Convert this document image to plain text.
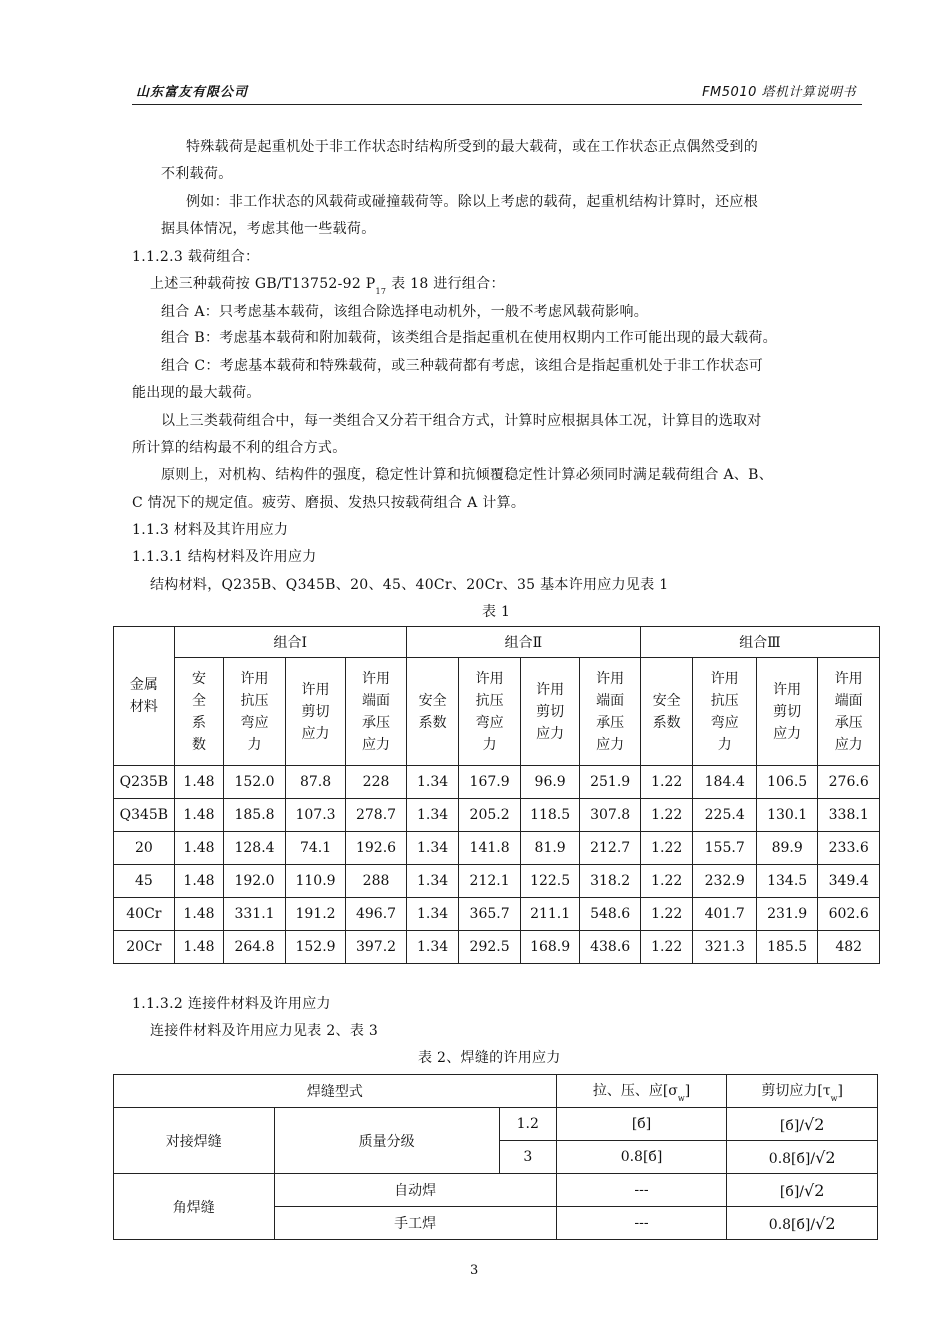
山东富友有限公司	FM5010 塔机计算说明书
特殊载荷是起重机处于非工作状态时结构所受到的最大载荷，或在工作状态正点偶然受到的
不利载荷。
例如：非工作状态的风载荷或碰撞载荷等。除以上考虑的载荷，起重机结构计算时，还应根
据具体情况，考虑其他一些载荷。
1.1.2.3 载荷组合：
上述三种载荷按 GB/T13752-92 $P_{17}$ 表 18 进行组合：
组合 A：只考虑基本载荷，该组合除选择电动机外，一般不考虑风载荷影响。
组合 B：考虑基本载荷和附加载荷，该类组合是指起重机在使用权期内工作可能出现的最大载荷。
组合 C：考虑基本载荷和特殊载荷，或三种载荷都有考虑，该组合是指起重机处于非工作状态可
能出现的最大载荷。
以上三类载荷组合中，每一类组合又分若干组合方式，计算时应根据具体工况，计算目的选取对
所计算的结构最不利的组合方式。
原则上，对机构、结构件的强度，稳定性计算和抗倾覆稳定性计算必须同时满足载荷组合 A、B、
C 情况下的规定值。疲劳、磨损、发热只按载荷组合 A 计算。
1.1.3 材料及其许用应力
1.1.3.1 结构材料及许用应力
结构材料，Q235B、Q345B、20、45、40Cr、20Cr、35 基本许用应力见表 1
表 1
金属材料	组合Ⅰ				组合Ⅱ				组合Ⅲ			

	安全系数	许用抗压弯应力	许用剪切应力	许用端面承压应力	安全系数	许用抗压弯应力	许用剪切应力	许用端面承压应力	安全系数	许用抗压弯应力	许用剪切应力	许用端面承压应力

Q235B	1.48	152.0	87.8	228	1.34	167.9	96.9	251.9	1.22	184.4	106.5	276.6
Q345B	1.48	185.8	107.3	278.7	1.34	205.2	118.5	307.8	1.22	225.4	130.1	338.1
20	1.48	128.4	74.1	192.6	1.34	141.8	81.9	212.7	1.22	155.7	89.9	233.6
45	1.48	192.0	110.9	288	1.34	212.1	122.5	318.2	1.22	232.9	134.5	349.4
40Cr	1.48	331.1	191.2	496.7	1.34	365.7	211.1	548.6	1.22	401.7	231.9	602.6
20Cr	1.48	264.8	152.9	397.2	1.34	292.5	168.9	438.6	1.22	321.3	185.5	482
1.1.3.2 连接件材料及许用应力
连接件材料及许用应力见表 2、表 3
表 2、焊缝的许用应力
焊缝型式			拉、压、应$[\sigma_w]$	剪切应力$[\tau_w]$
对接焊缝	质量分级	1.2	[б]	[б]/√2
		3	0.8[б]	0.8[б]/√2
角焊缝	自动焊		---	[б]/√2
	手工焊		---	0.8[б]/√2
3
